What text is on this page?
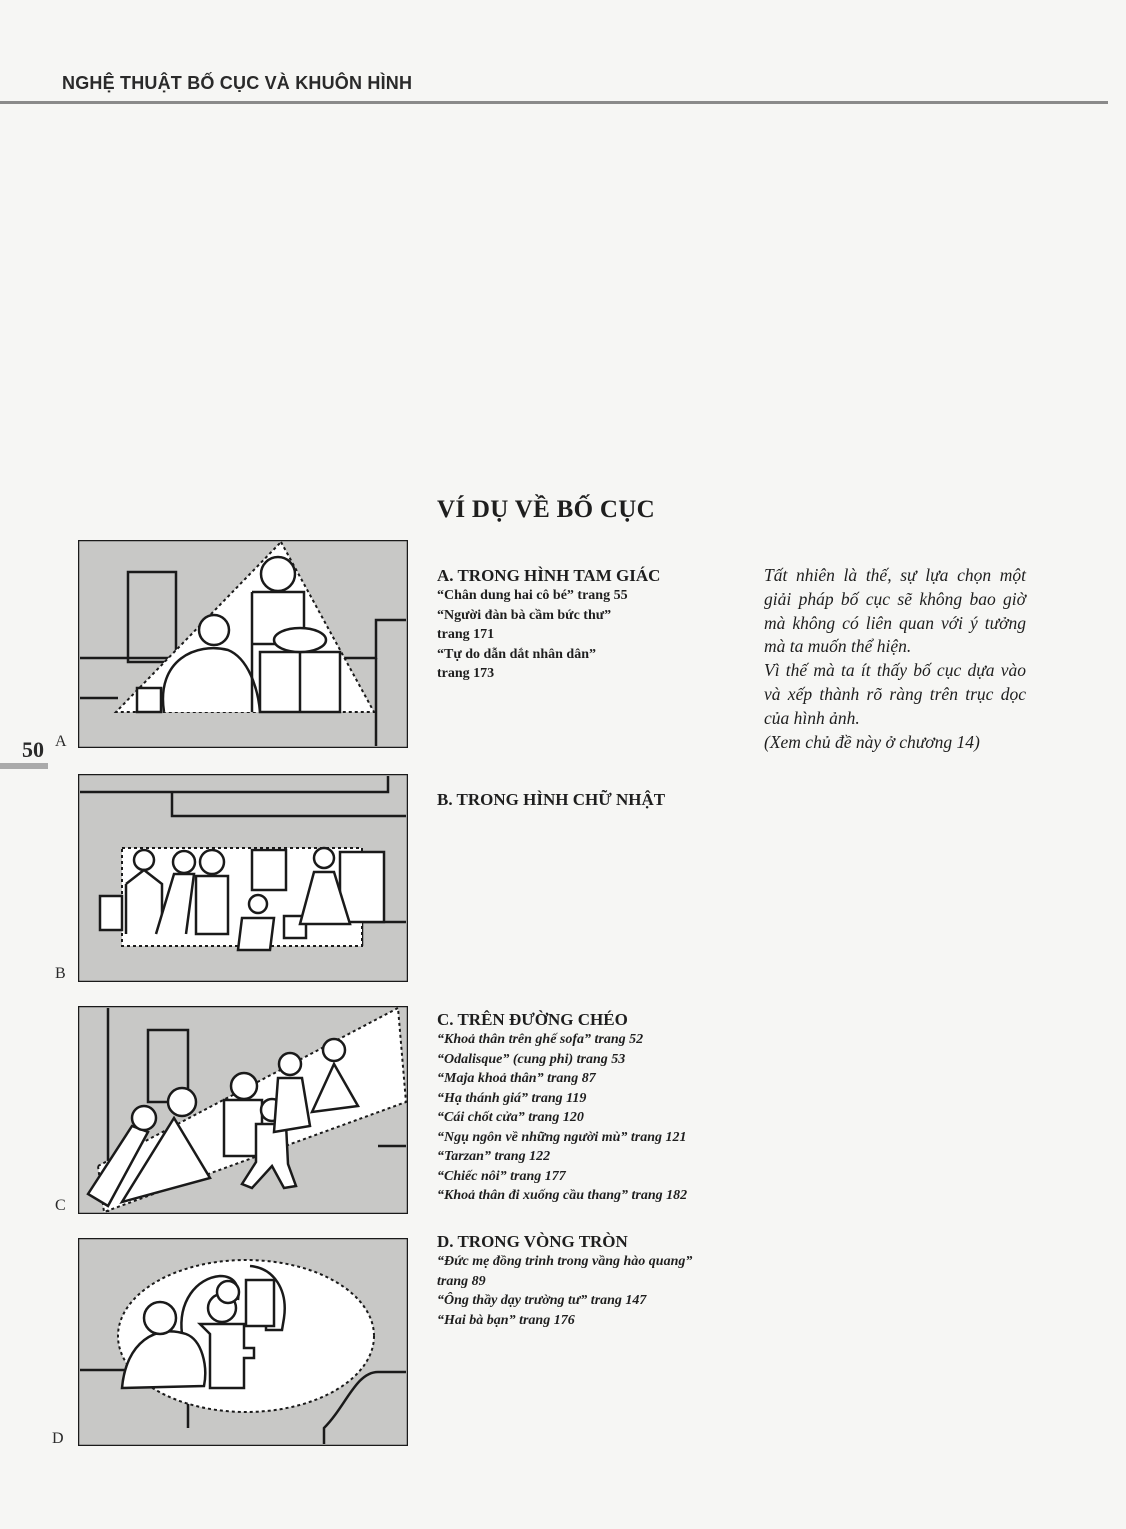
NGHỆ THUẬT BỐ CỤC VÀ KHUÔN HÌNH
50 A
B
C
D
VÍ DỤ VỀ BỐ CỤC

A. TRONG HÌNH TAM GIÁC

“Chân dung hai cô bé” trang 55

“Người đàn bà cầm bức thư”

trang 171

“Tự do dẫn dắt nhân dân”

trang 173

B. TRONG HÌNH CHỮ NHẬT

C. TRÊN ĐƯỜNG CHÉO

“Khoả thân trên ghế sofa” trang 52

“Odalisque” (cung phi) trang 53

“Maja khoả thân” trang 87

“Hạ thánh giá” trang 119

“Cái chốt cửa” trang 120

“Ngụ ngôn về những người mù” trang 121

“Tarzan” trang 122

“Chiếc nôi” trang 177

“Khoả thân đi xuống cầu thang” trang 182

D. TRONG VÒNG TRÒN

“Đức mẹ đồng trinh trong vầng hào quang”

trang 89

“Ông thầy dạy trường tư” trang 147

“Hai bà bạn” trang 176

Tất nhiên là thế, sự lựa chọn một giải pháp bố cục sẽ không bao giờ mà không có liên quan với ý tưởng mà ta muốn thể hiện.

Vì thế mà ta ít thấy bố cục dựa vào và xếp thành rõ ràng trên trục dọc của hình ảnh.

(Xem chủ đề này ở chương 14)
